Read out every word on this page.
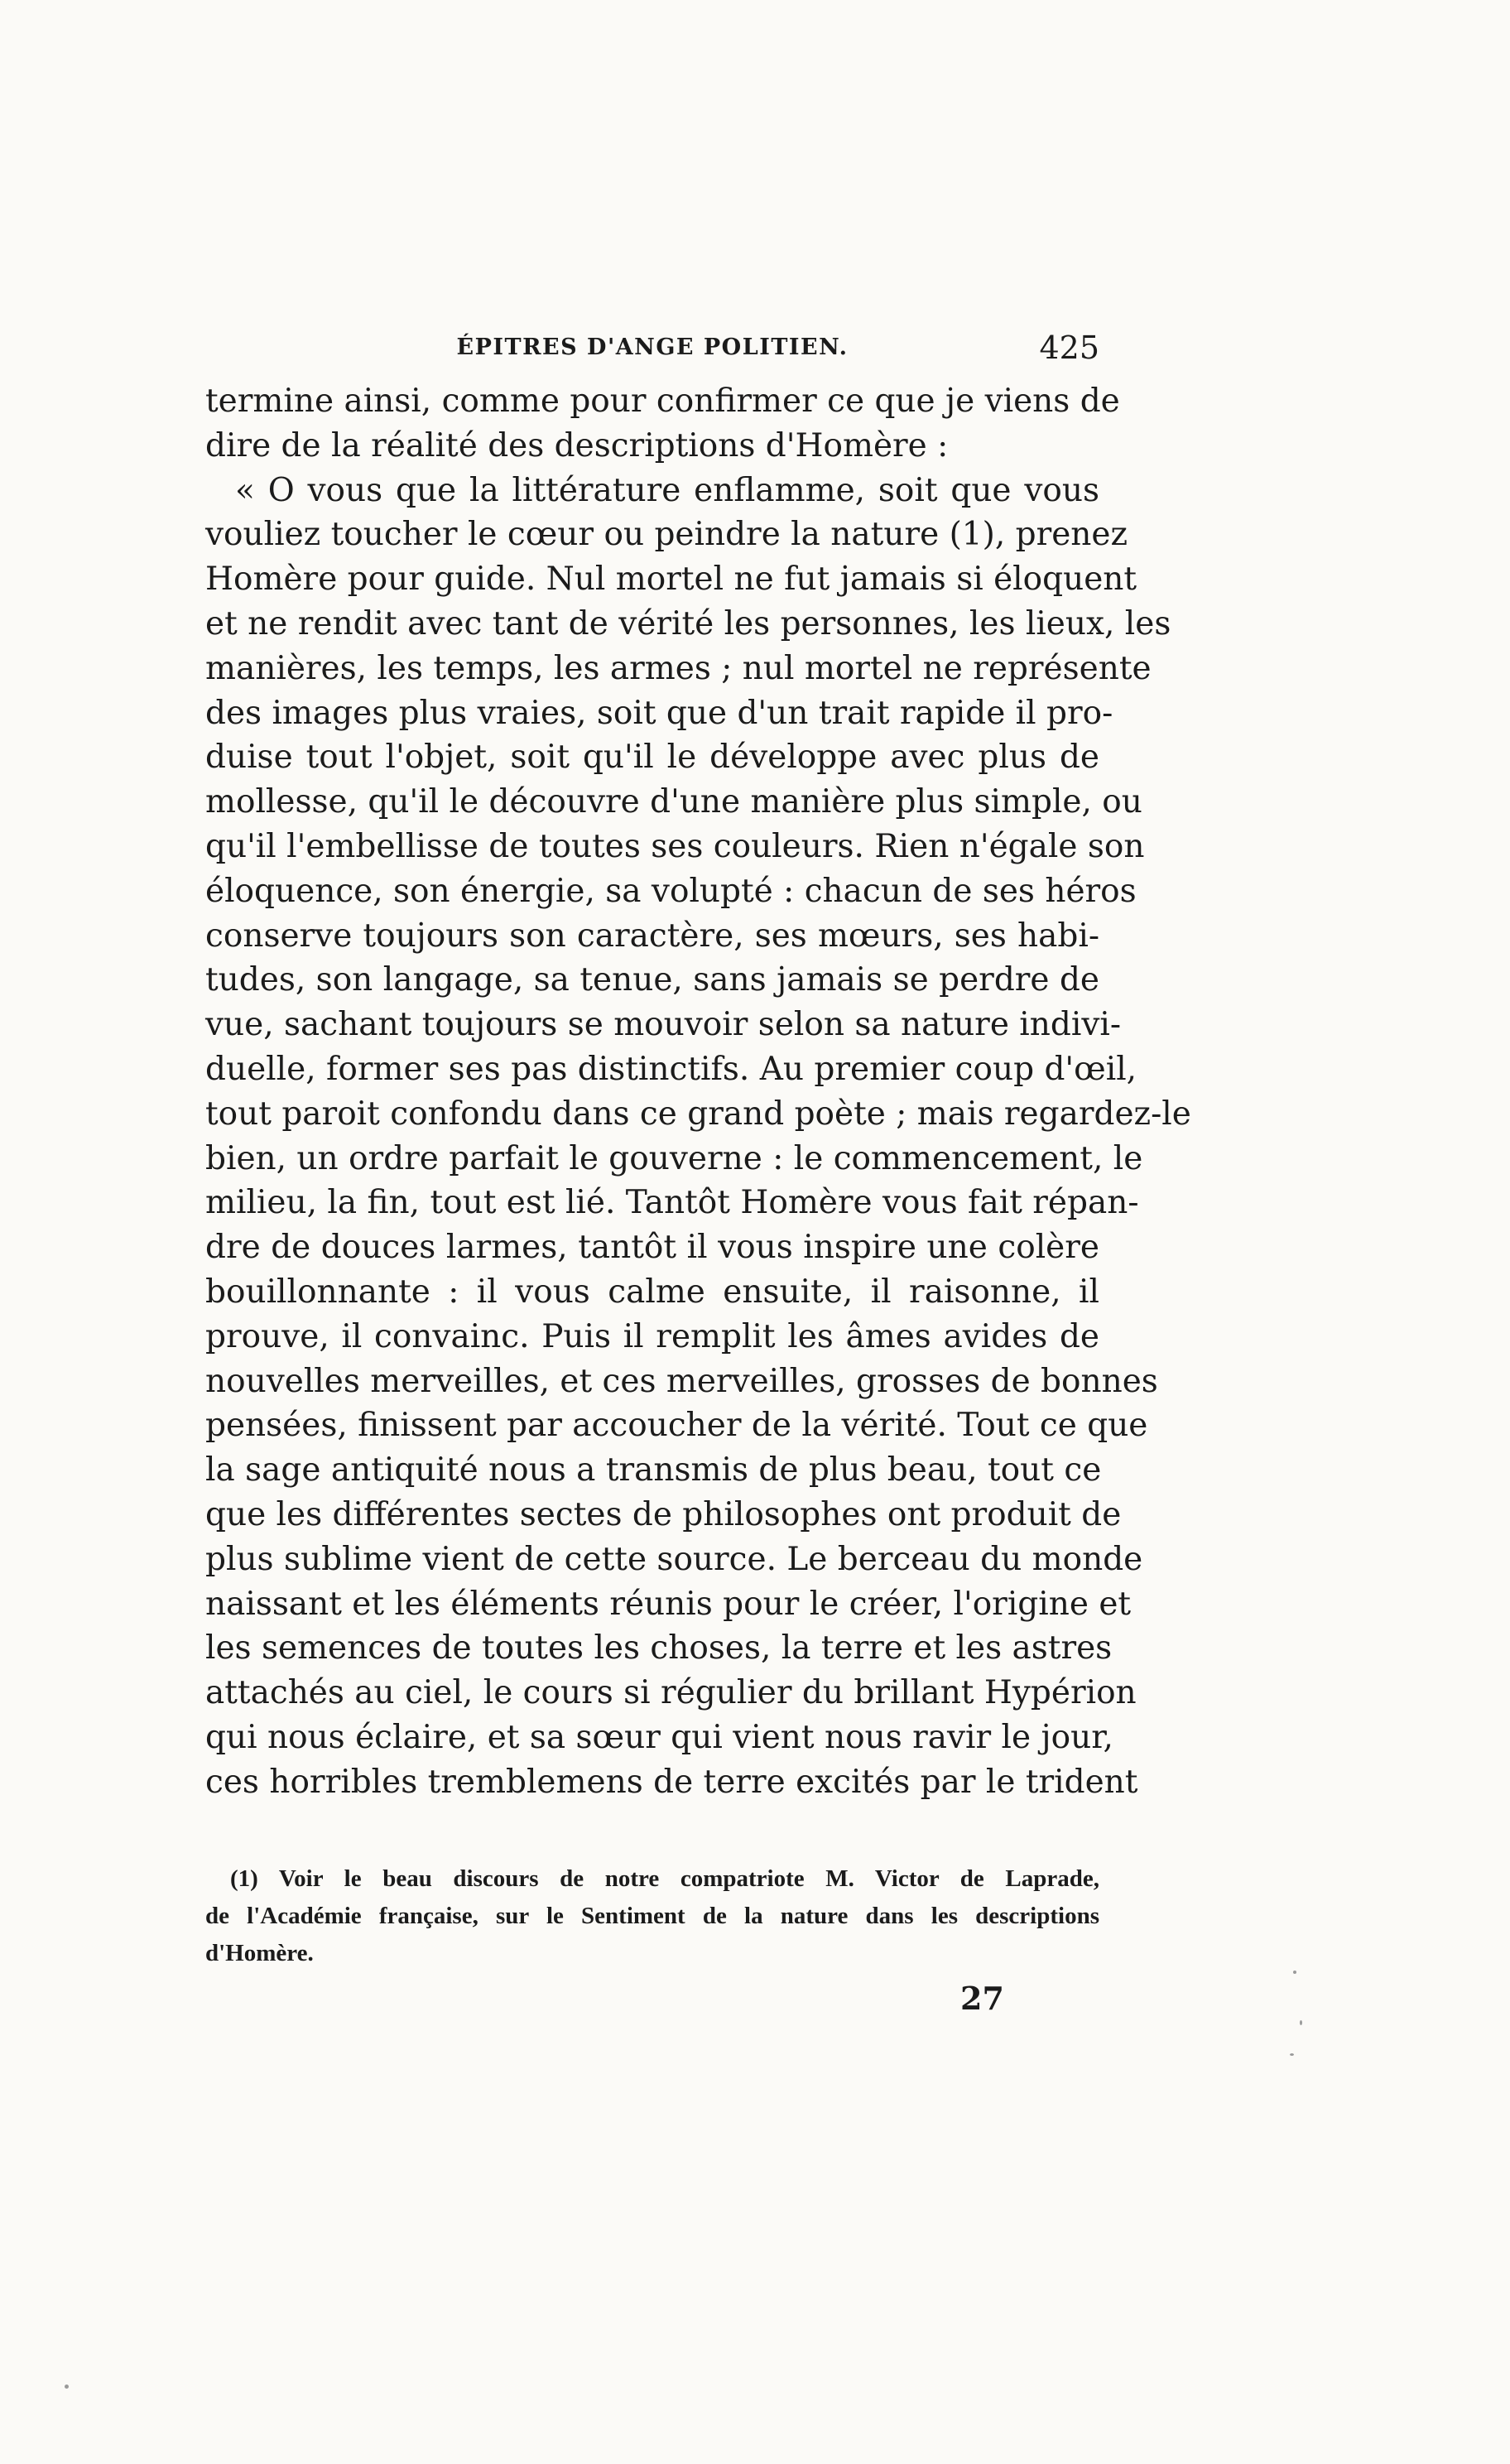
ÉPITRES D'ANGE POLITIEN.	425
termine ainsi, comme pour confirmer ce que je viens de
dire de la réalité des descriptions d'Homère :
« O vous que la littérature enflamme, soit que vous
vouliez toucher le cœur ou peindre la nature (1), prenez
Homère pour guide. Nul mortel ne fut jamais si éloquent
et ne rendit avec tant de vérité les personnes, les lieux, les
manières, les temps, les armes ; nul mortel ne représente
des images plus vraies, soit que d'un trait rapide il pro-
duise tout l'objet, soit qu'il le développe avec plus de
mollesse, qu'il le découvre d'une manière plus simple, ou
qu'il l'embellisse de toutes ses couleurs. Rien n'égale son
éloquence, son énergie, sa volupté : chacun de ses héros
conserve toujours son caractère, ses mœurs, ses habi-
tudes, son langage, sa tenue, sans jamais se perdre de
vue, sachant toujours se mouvoir selon sa nature indivi-
duelle, former ses pas distinctifs. Au premier coup d'œil,
tout paroit confondu dans ce grand poète ; mais regardez-le
bien, un ordre parfait le gouverne : le commencement, le
milieu, la fin, tout est lié. Tantôt Homère vous fait répan-
dre de douces larmes, tantôt il vous inspire une colère
bouillonnante : il vous calme ensuite, il raisonne, il
prouve, il convainc. Puis il remplit les âmes avides de
nouvelles merveilles, et ces merveilles, grosses de bonnes
pensées, finissent par accoucher de la vérité. Tout ce que
la sage antiquité nous a transmis de plus beau, tout ce
que les différentes sectes de philosophes ont produit de
plus sublime vient de cette source. Le berceau du monde
naissant et les éléments réunis pour le créer, l'origine et
les semences de toutes les choses, la terre et les astres
attachés au ciel, le cours si régulier du brillant Hypérion
qui nous éclaire, et sa sœur qui vient nous ravir le jour,
ces horribles tremblemens de terre excités par le trident
(1) Voir le beau discours de notre compatriote M. Victor de Laprade,
de l'Académie française, sur le Sentiment de la nature dans les descriptions
d'Homère.
27
